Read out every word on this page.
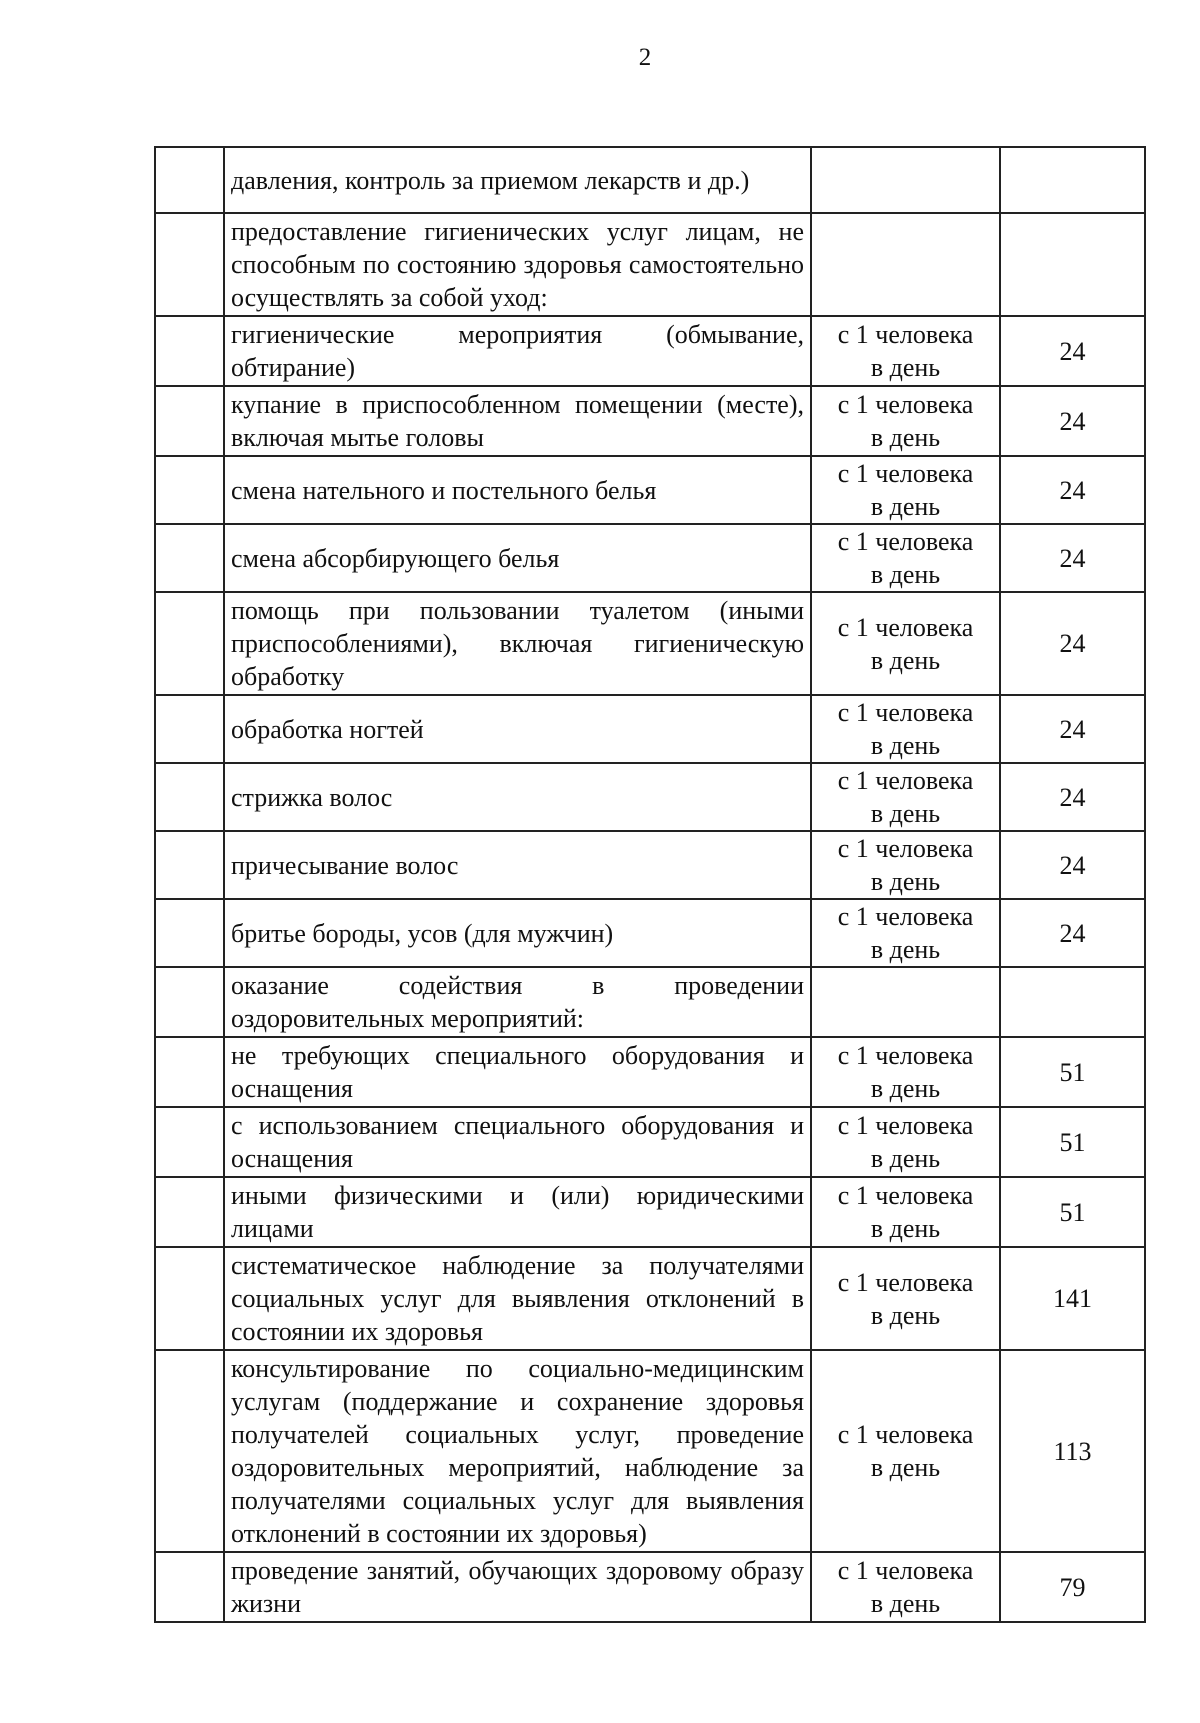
2
	давления, контроль за приемом лекарств и др.)	

	предоставление гигиенических услуг лицам, не способным по состоянию здоровья самостоятельно осуществлять за собой уход:	

	гигиенические мероприятия (обмывание, обтирание)	с 1 человека
в день	24
	купание в приспособленном помещении (месте), включая мытье головы	с 1 человека
в день	24
	смена нательного и постельного белья	с 1 человека
в день	24
	смена абсорбирующего белья	с 1 человека
в день	24
	помощь при пользовании туалетом (иными приспособлениями), включая гигиеническую обработку	с 1 человека
в день	24
	обработка ногтей	с 1 человека
в день	24
	стрижка волос	с 1 человека
в день	24
	причесывание волос	с 1 человека
в день	24
	бритье бороды, усов (для мужчин)	с 1 человека
в день	24
	оказание содействия в проведении оздоровительных мероприятий:	

	не требующих специального оборудования и оснащения	с 1 человека
в день	51
	с использованием специального оборудования и оснащения	с 1 человека
в день	51
	иными физическими и (или) юридическими лицами	с 1 человека
в день	51
	систематическое наблюдение за получателями социальных услуг для выявления отклонений в состоянии их здоровья	с 1 человека
в день	141
	консультирование по социально-медицинским услугам (поддержание и сохранение здоровья получателей социальных услуг, проведение оздоровительных мероприятий, наблюдение за получателями социальных услуг для выявления отклонений в состоянии их здоровья)	с 1 человека
в день	113
	проведение занятий, обучающих здоровому образу жизни	с 1 человека
в день	79
